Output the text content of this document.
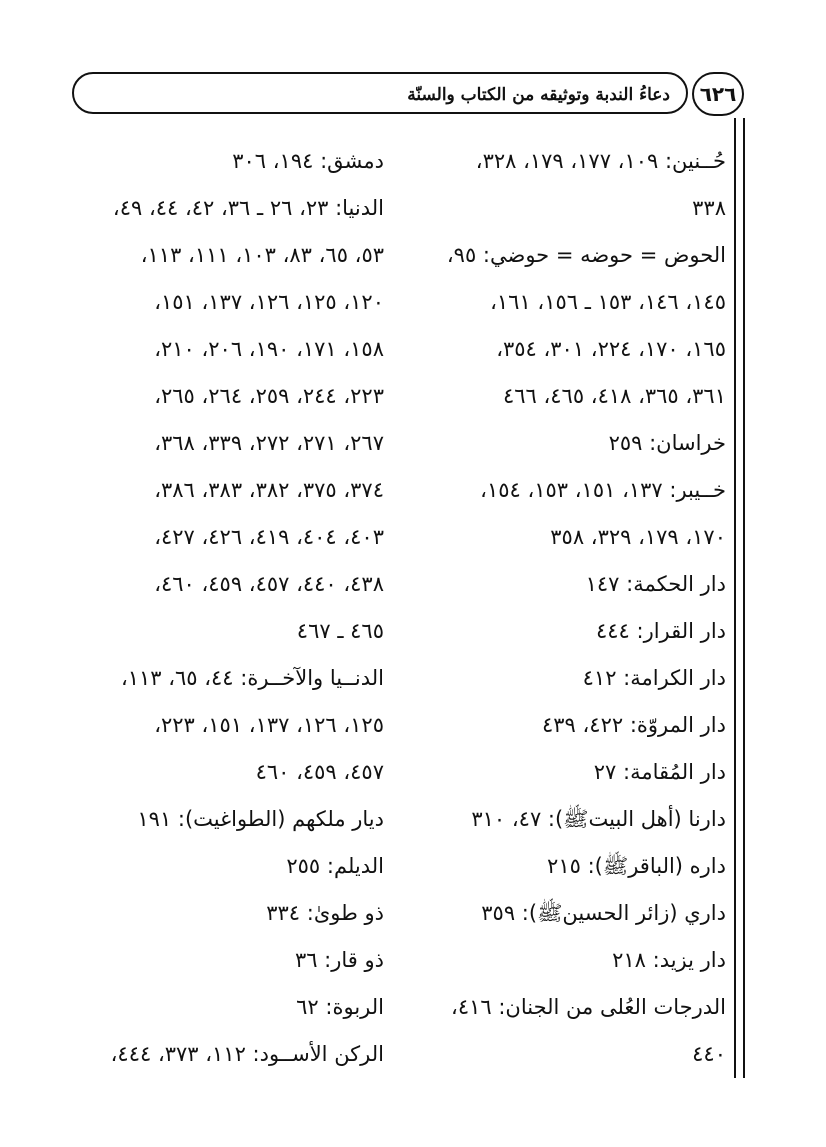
دعاءُ الندبة وتوثيقه من الكتاب والسنّة ٦٢٦
حُــنين: ١٠٩، ١٧٧، ١٧٩، ٣٢٨،
٣٣٨
الحوض = حوضه = حوضي: ٩٥،
١٤٥، ١٤٦، ١٥٣ ـ ١٥٦، ١٦١،
١٦٥، ١٧٠، ٢٢٤، ٣٠١، ٣٥٤،
٣٦١، ٣٦٥، ٤١٨، ٤٦٥، ٤٦٦
خراسان: ٢٥٩
خــيبر: ١٣٧، ١٥١، ١٥٣، ١٥٤،
١٧٠، ١٧٩، ٣٢٩، ٣٥٨
دار الحكمة: ١٤٧
دار القرار: ٤٤٤
دار الكرامة: ٤١٢
دار المروّة: ٤٢٢، ٤٣٩
دار المُقامة: ٢٧
دارنا (أهل البيتﷺ): ٤٧، ٣١٠
داره (الباقرﷺ): ٢١٥
داري (زائر الحسينﷺ): ٣٥٩
دار يزيد: ٢١٨
الدرجات العُلى من الجنان: ٤١٦،
٤٤٠
دمشق: ١٩٤، ٣٠٦
الدنيا: ٢٣، ٢٦ ـ ٣٦، ٤٢، ٤٤، ٤٩،
٥٣، ٦٥، ٨٣، ١٠٣، ١١١، ١١٣،
١٢٠، ١٢٥، ١٢٦، ١٣٧، ١٥١،
١٥٨، ١٧١، ١٩٠، ٢٠٦، ٢١٠،
٢٢٣، ٢٤٤، ٢٥٩، ٢٦٤، ٢٦٥،
٢٦٧، ٢٧١، ٢٧٢، ٣٣٩، ٣٦٨،
٣٧٤، ٣٧٥، ٣٨٢، ٣٨٣، ٣٨٦،
٤٠٣، ٤٠٤، ٤١٩، ٤٢٦، ٤٢٧،
٤٣٨، ٤٤٠، ٤٥٧، ٤٥٩، ٤٦٠،
٤٦٥ ـ ٤٦٧
الدنــيا والآخــرة: ٤٤، ٦٥، ١١٣،
١٢٥، ١٢٦، ١٣٧، ١٥١، ٢٢٣،
٤٥٧، ٤٥٩، ٤٦٠
ديار ملكهم (الطواغيت): ١٩١
الديلم: ٢٥٥
ذو طوىٰ: ٣٣٤
ذو قار: ٣٦
الربوة: ٦٢
الركن الأســود: ١١٢، ٣٧٣، ٤٤٤،
